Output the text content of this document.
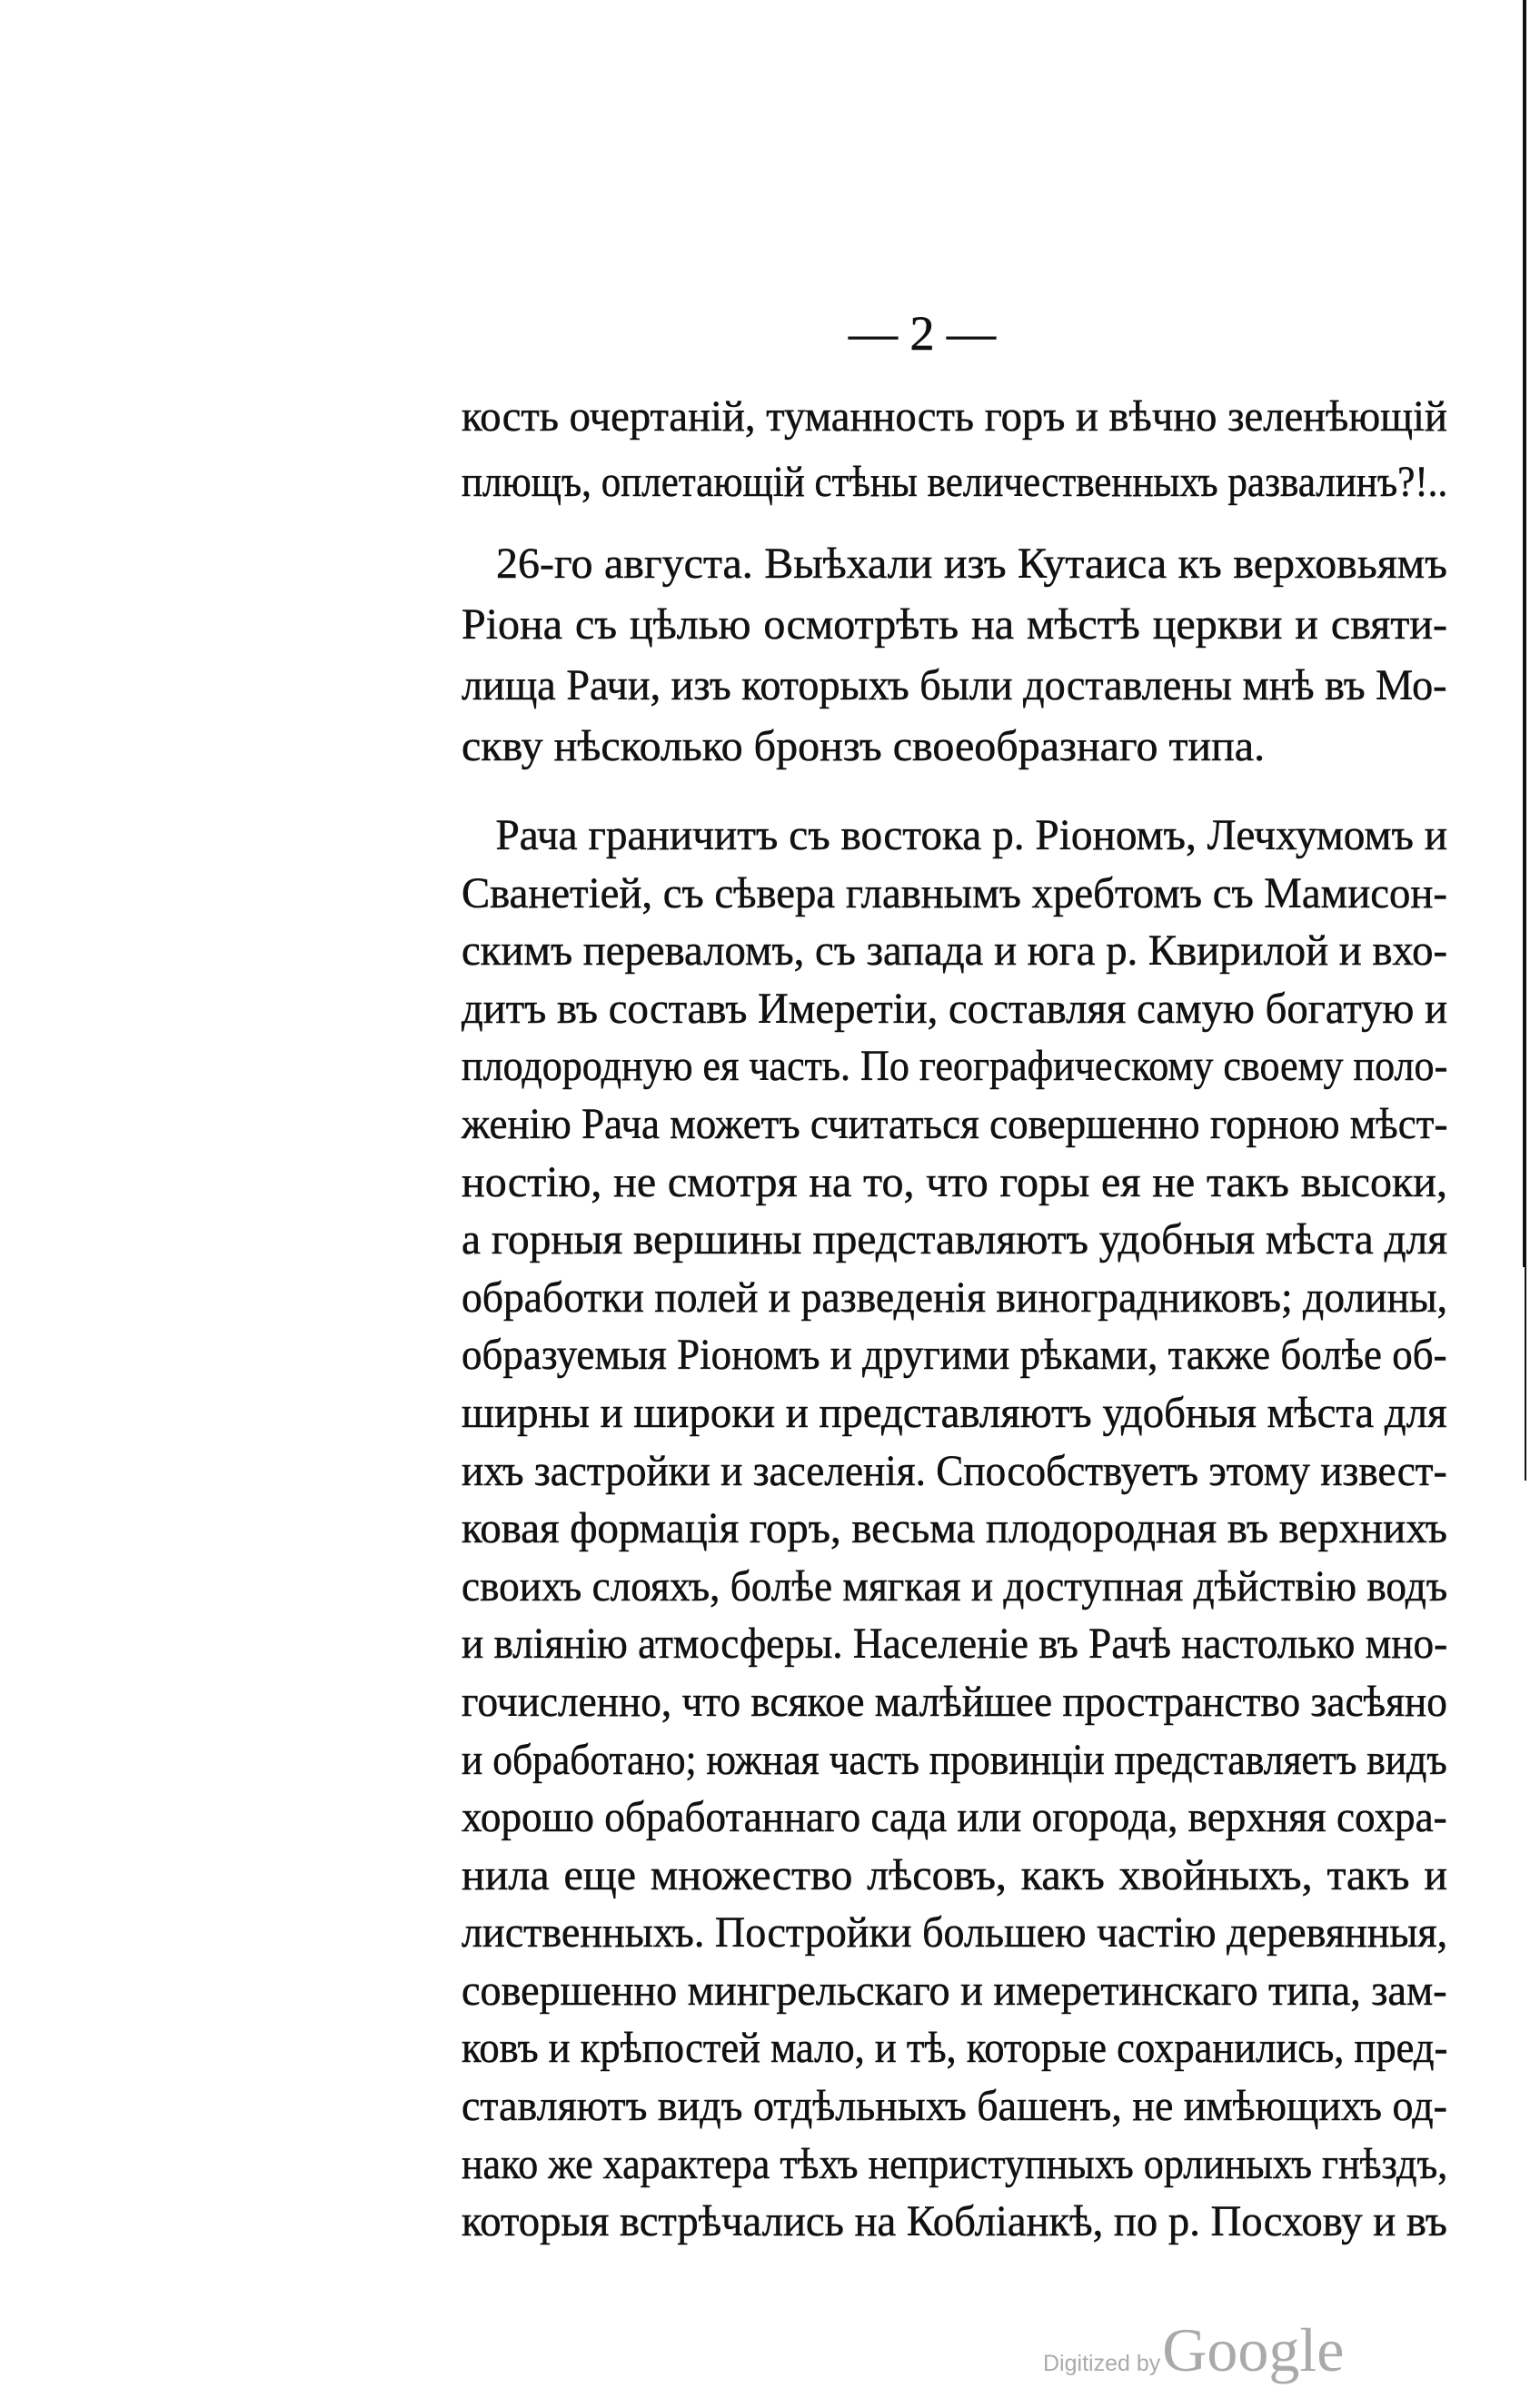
— 2 —
кость очертаній, туманность горъ и вѣчно зеленѣющій
плющъ, оплетающій стѣны величественныхъ развалинъ?!..
26-го августа. Выѣхали изъ Кутаиса къ верховьямъ
Ріона съ цѣлью осмотрѣть на мѣстѣ церкви и святи-
лища Рачи, изъ которыхъ были доставлены мнѣ въ Мо-
скву нѣсколько бронзъ своеобразнаго типа.
Рача граничитъ съ востока р. Ріономъ, Лечхумомъ и
Сванетіей, съ сѣвера главнымъ хребтомъ съ Мамисон-
скимъ переваломъ, съ запада и юга р. Квирилой и вхо-
дитъ въ составъ Имеретіи, составляя самую богатую и
плодородную ея часть. По географическому своему поло-
женію Рача можетъ считаться совершенно горною мѣст-
ностію, не смотря на то, что горы ея не такъ высоки,
а горныя вершины представляютъ удобныя мѣста для
обработки полей и разведенія виноградниковъ; долины,
образуемыя Ріономъ и другими рѣками, также болѣе об-
ширны и широки и представляютъ удобныя мѣста для
ихъ застройки и заселенія. Способствуетъ этому извест-
ковая формація горъ, весьма плодородная въ верхнихъ
своихъ слояхъ, болѣе мягкая и доступная дѣйствію водъ
и вліянію атмосферы. Населеніе въ Рачѣ настолько мно-
гочисленно, что всякое малѣйшее пространство засѣяно
и обработано; южная часть провинціи представляетъ видъ
хорошо обработаннаго сада или огорода, верхняя сохра-
нила еще множество лѣсовъ, какъ хвойныхъ, такъ и
лиственныхъ. Постройки большею частію деревянныя,
совершенно мингрельскаго и имеретинскаго типа, зам-
ковъ и крѣпостей мало, и тѣ, которые сохранились, пред-
ставляютъ видъ отдѣльныхъ башенъ, не имѣющихъ од-
нако же характера тѣхъ неприступныхъ орлиныхъ гнѣздъ,
которыя встрѣчались на Кобліанкѣ, по р. Посхову и въ
Digitized byGoogle
